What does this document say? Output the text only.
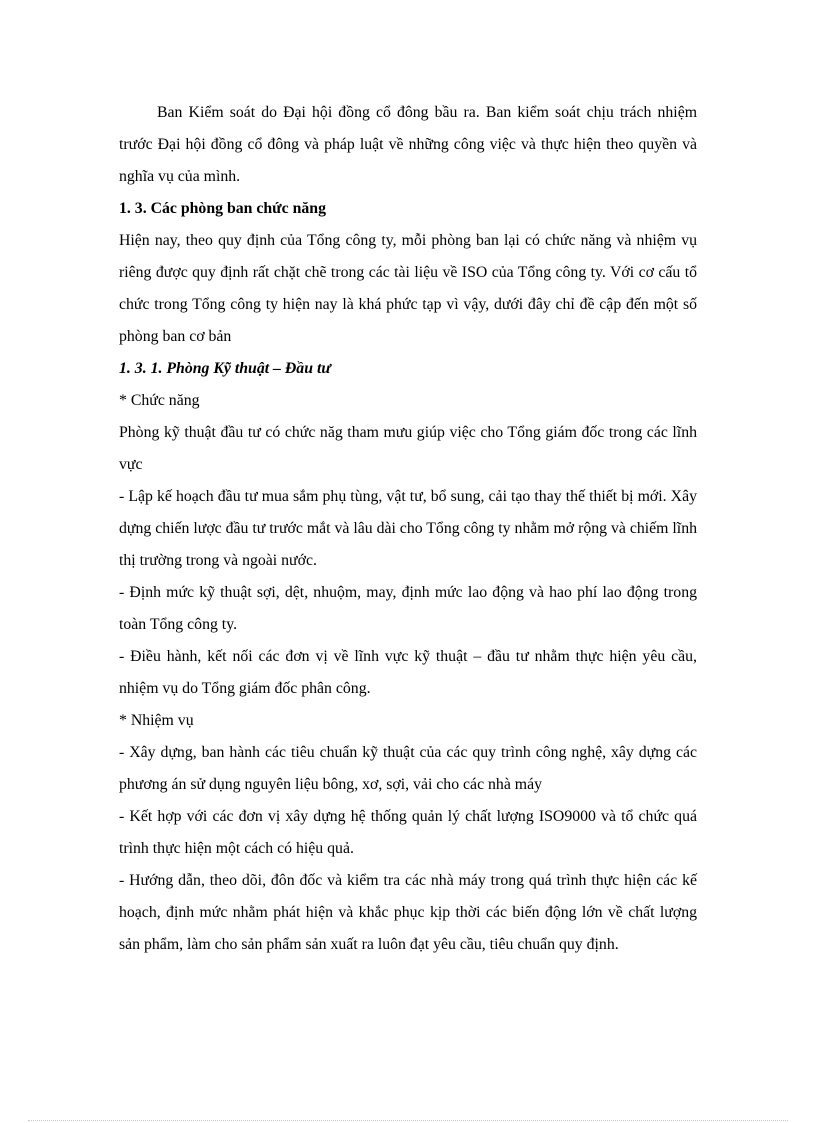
Ban Kiểm soát do Đại hội đồng cổ đông bầu ra. Ban kiểm soát chịu trách nhiệm trước Đại hội đồng cổ đông và pháp luật về những công việc và thực hiện theo quyền và nghĩa vụ của mình.

1. 3. Các phòng ban chức năng

Hiện nay, theo quy định của Tổng công ty, mỗi phòng ban lại có chức năng và nhiệm vụ riêng được quy định rất chặt chẽ trong các tài liệu về ISO của Tổng công ty. Với cơ cấu tổ chức trong Tổng công ty hiện nay là khá phức tạp vì vậy, dưới đây chỉ đề cập đến một số phòng ban cơ bản

1. 3. 1. Phòng Kỹ thuật – Đầu tư

* Chức năng

Phòng kỹ thuật đầu tư có chức năg tham mưu giúp việc cho Tổng giám đốc trong các lĩnh vực

- Lập kế hoạch đầu tư mua sắm phụ tùng, vật tư, bổ sung, cải tạo thay thế thiết bị mới. Xây dựng chiến lược đầu tư trước mắt và lâu dài cho Tổng công ty nhằm mở rộng và chiếm lĩnh thị trường trong và ngoài nước.

- Định mức kỹ thuật sợi, dệt, nhuộm, may, định mức lao động và hao phí lao động trong toàn Tổng công ty.

- Điều hành, kết nối các đơn vị về lĩnh vực kỹ thuật – đầu tư nhằm thực hiện yêu cầu, nhiệm vụ do Tổng giám đốc phân công.

* Nhiệm vụ

- Xây dựng, ban hành các tiêu chuẩn kỹ thuật của các quy trình công nghệ, xây dựng các phương án sử dụng nguyên liệu bông, xơ, sợi, vải cho các nhà máy

- Kết hợp với các đơn vị xây dựng hệ thống quản lý chất lượng ISO9000 và tổ chức quá trình thực hiện một cách có hiệu quả.

- Hướng dẫn, theo dõi, đôn đốc và kiểm tra các nhà máy trong quá trình thực hiện các kế hoạch, định mức nhằm phát hiện và khắc phục kịp thời các biến động lớn về chất lượng sản phẩm, làm cho sản phẩm sản xuất ra luôn đạt yêu cầu, tiêu chuẩn quy định.
